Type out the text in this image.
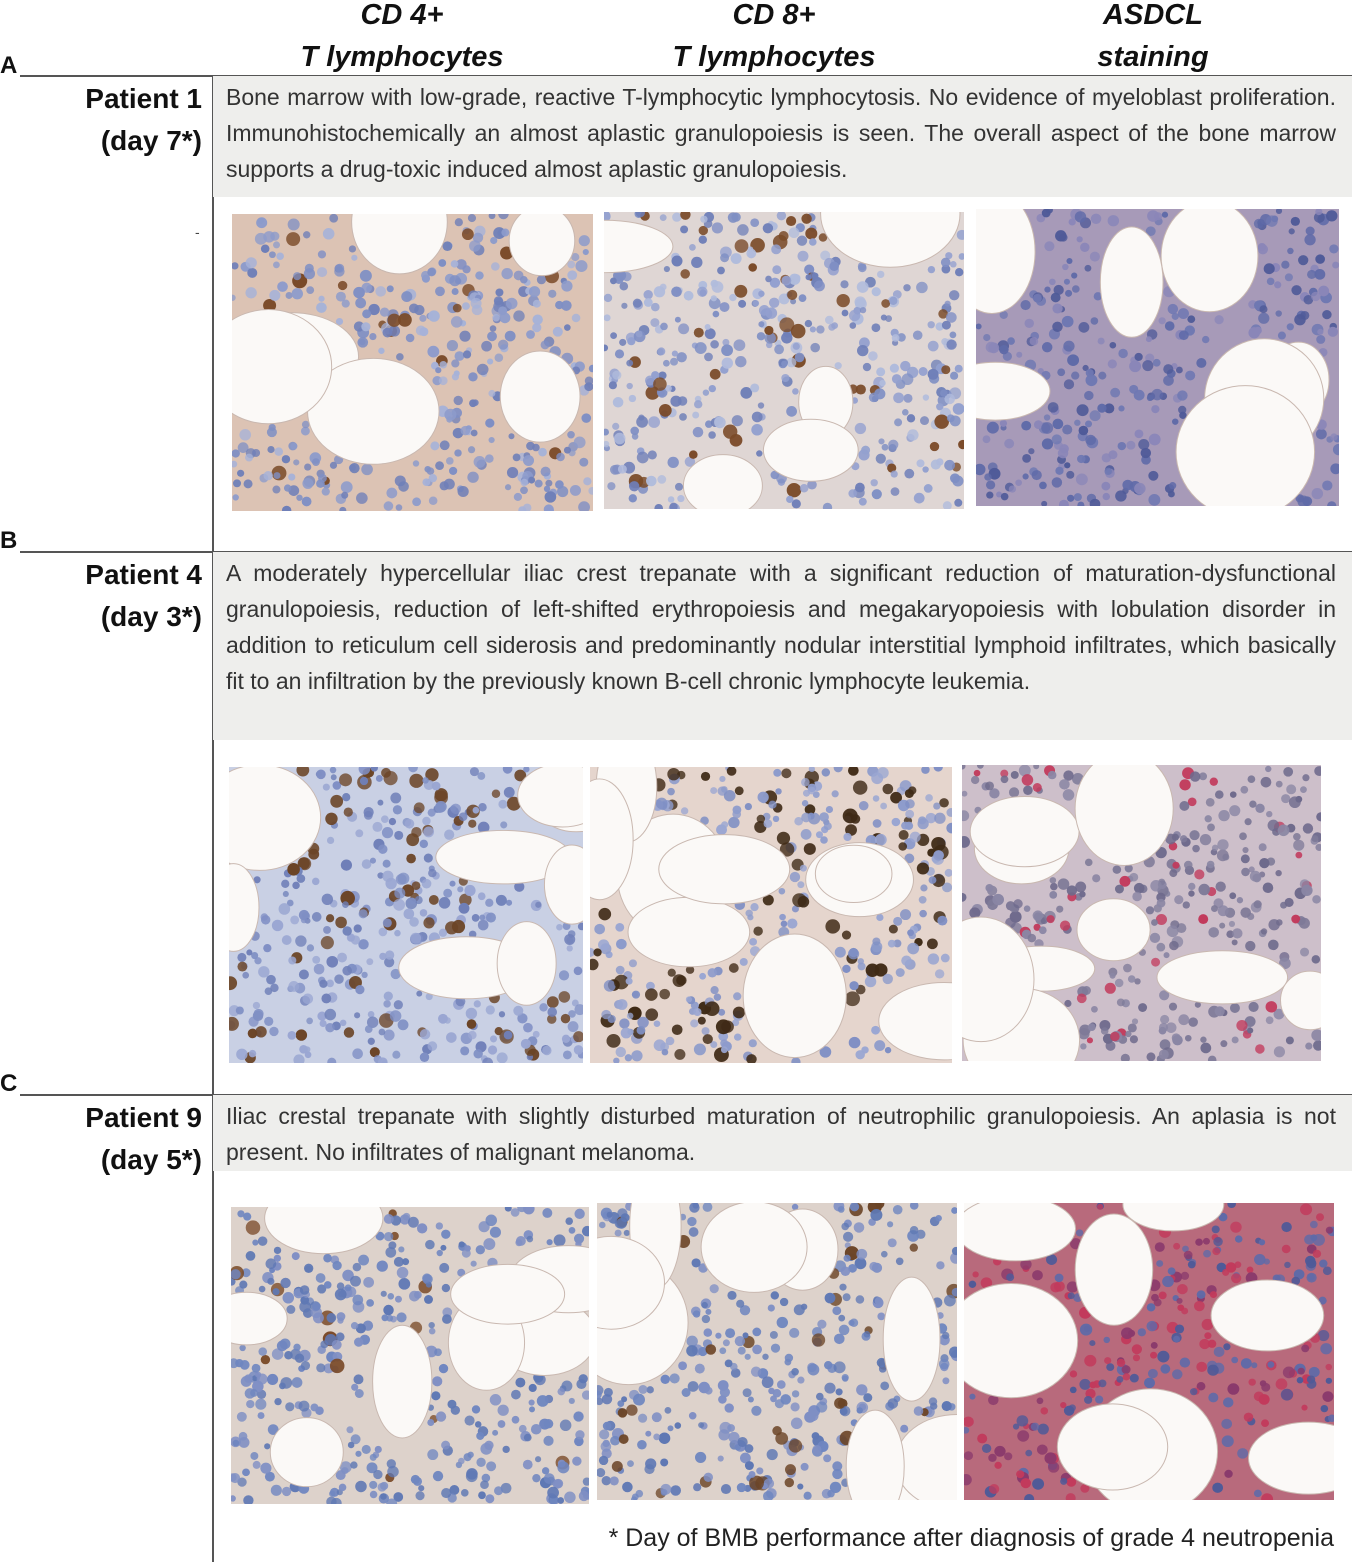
CD 4+
T lymphocytes
CD 8+
T lymphocytes
ASDCL
staining
A
Patient 1
(day 7*)
Bone marrow with low-grade, reactive T-lymphocytic lymphocytosis. No evidence of myeloblast proliferation. Immunohistochemically an almost aplastic granulopoiesis is seen. The overall aspect of the bone marrow supports a drug-toxic induced almost aplastic granulopoiesis.
-
B
Patient 4
(day 3*)
A moderately hypercellular iliac crest trepanate with a significant reduction of maturation-dysfunctional granulopoiesis, reduction of left-shifted erythropoiesis and megakaryopoiesis with lobulation disorder in addition to reticulum cell siderosis and predominantly nodular interstitial lymphoid infiltrates, which basically fit to an infiltration by the previously known B-cell chronic lymphocyte leukemia.
C
Patient 9
(day 5*)
Iliac crestal trepanate with slightly disturbed maturation of neutrophilic granulopoiesis. An aplasia is not present. No infiltrates of malignant melanoma.
* Day of BMB performance after diagnosis of grade 4 neutropenia
